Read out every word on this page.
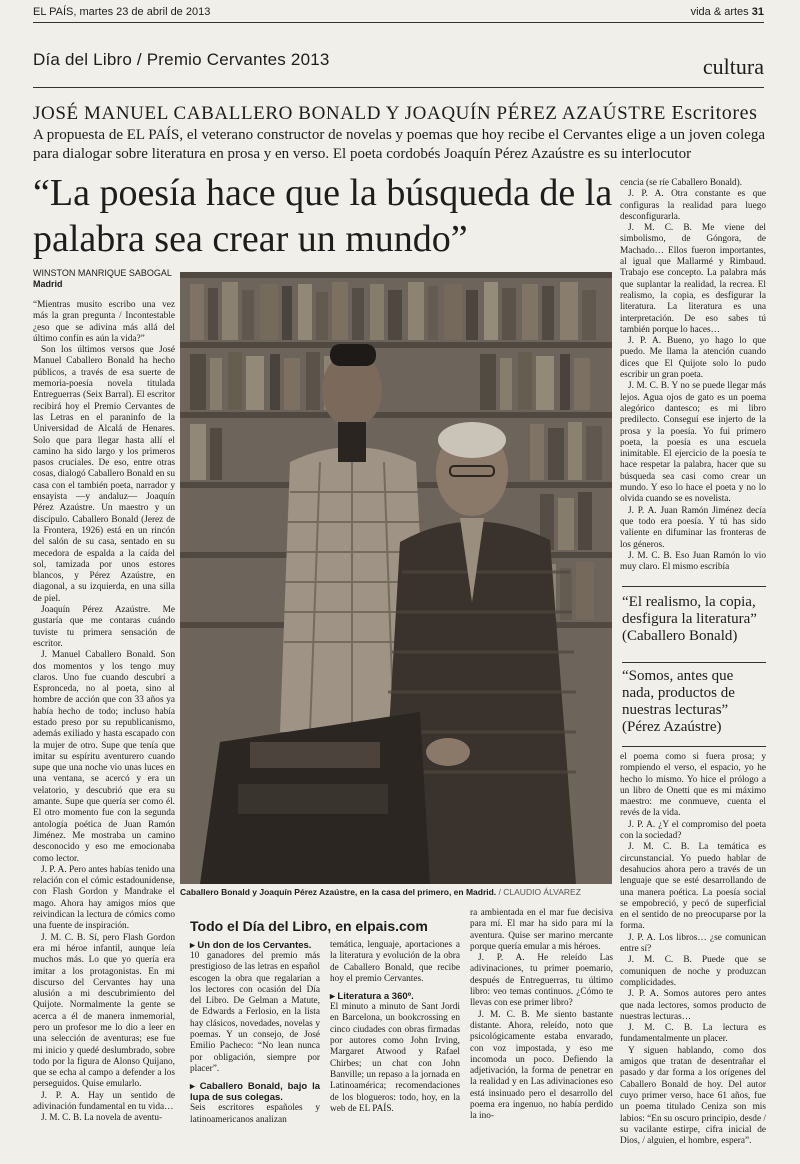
EL PAÍS, martes 23 de abril de 2013	vida & artes 31
Día del Libro / Premio Cervantes 2013	cultura
JOSÉ MANUEL CABALLERO BONALD Y JOAQUÍN PÉREZ AZAÚSTRE Escritores
A propuesta de EL PAÍS, el veterano constructor de novelas y poemas que hoy recibe el Cervantes elige a un joven colega para dialogar sobre literatura en prosa y en verso. El poeta cordobés Joaquín Pérez Azaústre es su interlocutor
“La poesía hace que la búsqueda de la palabra sea crear un mundo”
WINSTON MANRIQUE SABOGAL
Madrid

“Mientras musito escribo una vez más la gran pregunta / Incontestable ¿eso que se adivina más allá del último confín es aún la vida?”

Son los últimos versos que José Manuel Caballero Bonald ha hecho públicos, a través de esa suerte de memoria-poesía novela titulada Entreguerras (Seix Barral). El escritor recibirá hoy el Premio Cervantes de las Letras en el paraninfo de la Universidad de Alcalá de Henares. Solo que para llegar hasta allí el camino ha sido largo y los primeros pasos cruciales. De eso, entre otras cosas, dialogó Caballero Bonald en su casa con el también poeta, narrador y ensayista —y andaluz— Joaquín Pérez Azaústre. Un maestro y un discípulo. Caballero Bonald (Jerez de la Frontera, 1926) está en un rincón del salón de su casa, sentado en su mecedora de espalda a la caída del sol, tamizada por unos estores blancos, y Pérez Azaústre, en diagonal, a su izquierda, en una silla de piel.

Joaquín Pérez Azaústre. Me gustaría que me contaras cuándo tuviste tu primera sensación de escritor.

J. Manuel Caballero Bonald. Son dos momentos y los tengo muy claros. Uno fue cuando descubrí a Espronceda, no al poeta, sino al hombre de acción que con 33 años ya había hecho de todo; incluso había estado preso por su republicanismo, además exiliado y hasta escapado con la mujer de otro. Supe que tenía que imitar su espíritu aventurero cuando supe que una noche vio unas luces en una ventana, se acercó y era un velatorio, y descubrió que era su amante. Supe que quería ser como él. El otro momento fue con la segunda antología poética de Juan Ramón Jiménez. Me mostraba un camino desconocido y eso me emocionaba como lector.

J. P. A. Pero antes habías tenido una relación con el cómic estadounidense, con Flash Gordon y Mandrake el mago. Ahora hay amigos míos que reivindican la lectura de cómics como una fuente de inspiración.

J. M. C. B. Sí, pero Flash Gordon era mi héroe infantil, aunque leía muchos más. Lo que yo quería era imitar a los protagonistas. En mi discurso del Cervantes hay una alusión a mi descubrimiento del Quijote. Normalmente la gente se acerca a él de manera inmemorial, pero un profesor me lo dio a leer en una selección de aventuras; ese fue mi inicio y quedé deslumbrado, sobre todo por la figura de Alonso Quijano, que se echa al campo a defender a los perseguidos. Quise emularlo.

J. P. A. Hay un sentido de adivinación fundamental en tu vida…

J. M. C. B. La novela de aventu-

Caballero Bonald y Joaquín Pérez Azaústre, en la casa del primero, en Madrid. / CLAUDIO ÁLVAREZ

cencia (se ríe Caballero Bonald).

J. P. A. Otra constante es que configuras la realidad para luego desconfigurarla.

J. M. C. B. Me viene del simbolismo, de Góngora, de Machado… Ellos fueron importantes, al igual que Mallarmé y Rimbaud. Trabajo ese concepto. La palabra más que suplantar la realidad, la recrea. El realismo, la copia, es desfigurar la literatura. La literatura es una interpretación. De eso sabes tú también porque lo haces…

J. P. A. Bueno, yo hago lo que puedo. Me llama la atención cuando dices que El Quijote solo lo pudo escribir un gran poeta.

J. M. C. B. Y no se puede llegar más lejos. Agua ojos de gato es un poema alegórico dantesco; es mi libro predilecto. Conseguí ese injerto de la prosa y la poesía. Yo fui primero poeta, la poesía es una escuela inimitable. El ejercicio de la poesía te hace respetar la palabra, hacer que su búsqueda sea casi como crear un mundo. Y eso lo hace el poeta y no lo olvida cuando se es novelista.

J. P. A. Juan Ramón Jiménez decía que todo era poesía. Y tú has sido valiente en difuminar las fronteras de los géneros.

J. M. C. B. Eso Juan Ramón lo vio muy claro. El mismo escribía

“El realismo, la copia, desfigura la literatura”
(Caballero Bonald)
“Somos, antes que nada, productos de nuestras lecturas”
(Pérez Azaústre)

el poema como si fuera prosa; y rompiendo el verso, el espacio, yo he hecho lo mismo. Yo hice el prólogo a un libro de Onetti que es mi máximo maestro: me conmueve, cuenta el revés de la vida.

J. P. A. ¿Y el compromiso del poeta con la sociedad?

J. M. C. B. La temática es circunstancial. Yo puedo hablar de desahucios ahora pero a través de un lenguaje que se esté desarrollando de una manera poética. La poesía social se empobreció, y pecó de superficial en el sentido de no preocuparse por la forma.

J. P. A. Los libros… ¿se comunican entre sí?

J. M. C. B. Puede que se comuniquen de noche y produzcan complicidades.

J. P. A. Somos autores pero antes que nada lectores, somos producto de nuestras lecturas…

J. M. C. B. La lectura es fundamentalmente un placer.

Y siguen hablando, como dos amigos que tratan de desentrañar el pasado y dar forma a los orígenes del Caballero Bonald de hoy. Del autor cuyo primer verso, hace 61 años, fue un poema titulado Ceniza son mis labios: “En su oscuro principio, desde / su vacilante estirpe, cifra inicial de Dios, / alguien, el hombre, espera”.

Todo el Día del Libro, en elpais.com
▸ Un don de los Cervantes.
10 ganadores del premio más prestigioso de las letras en español escogen la obra que regalarían a los lectores con ocasión del Día del Libro. De Gelman a Matute, de Edwards a Ferlosio, en la lista hay clásicos, novedades, novelas y poemas. Y un consejo, de José Emilio Pacheco: “No lean nunca por obligación, siempre por placer”.
▸ Caballero Bonald, bajo la lupa de sus colegas.
Seis escritores españoles y latinoamericanos analizan
temática, lenguaje, aportaciones a la literatura y evolución de la obra de Caballero Bonald, que recibe hoy el premio Cervantes.
▸ Literatura a 360º.
El minuto a minuto de Sant Jordi en Barcelona, un bookcrossing en cinco ciudades con obras firmadas por autores como John Irving, Margaret Atwood y Rafael Chirbes; un chat con John Banville; un repaso a la jornada en Latinoamérica; recomendaciones de los blogueros: todo, hoy, en la web de EL PAÍS.

ra ambientada en el mar fue decisiva para mí. El mar ha sido para mí la aventura. Quise ser marino mercante porque quería emular a mis héroes.

J. P. A. He releído Las adivinaciones, tu primer poemario, después de Entreguerras, tu último libro: veo temas continuos. ¿Cómo te llevas con ese primer libro?

J. M. C. B. Me siento bastante distante. Ahora, releído, noto que psicológicamente estaba envarado, con voz impostada, y eso me incomoda un poco. Defiendo la adjetivación, la forma de penetrar en la realidad y en Las adivinaciones eso está insinuado pero el desarrollo del poema era ingenuo, no había perdido la ino-
